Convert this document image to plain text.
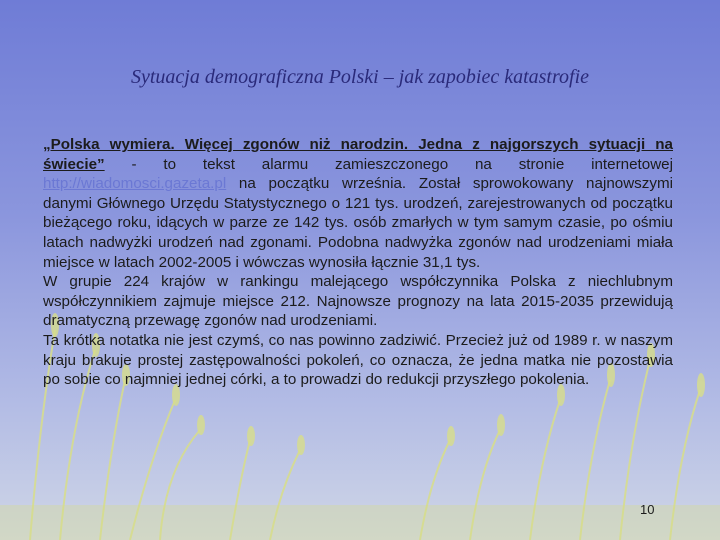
Sytuacja demograficzna Polski – jak zapobiec katastrofie

„Polska wymiera. Więcej zgonów niż narodzin. Jedna z najgorszych sytuacji na świecie” - to tekst alarmu zamieszczonego na stronie internetowej http://wiadomosci.gazeta.pl na początku września. Został sprowokowany najnowszymi danymi Głównego Urzędu Statystycznego o 121 tys. urodzeń, zarejestrowanych od początku bieżącego roku, idących w parze ze 142 tys. osób zmarłych w tym samym czasie, po ośmiu latach nadwyżki urodzeń nad zgonami. Podobna nadwyżka zgonów nad urodzeniami miała miejsce w latach 2002-2005 i wówczas wynosiła łącznie 31,1 tys.

W grupie 224 krajów w rankingu malejącego współczynnika Polska z niechlubnym współczynnikiem zajmuje miejsce 212. Najnowsze prognozy na lata 2015-2035 przewidują dramatyczną przewagę zgonów nad urodzeniami.

Ta krótka notatka nie jest czymś, co nas powinno zadziwić. Przecież już od 1989 r. w naszym kraju brakuje prostej zastępowalności pokoleń, co oznacza, że jedna matka nie pozostawia po sobie co najmniej jednej córki, a to prowadzi do redukcji przyszłego pokolenia.

10
